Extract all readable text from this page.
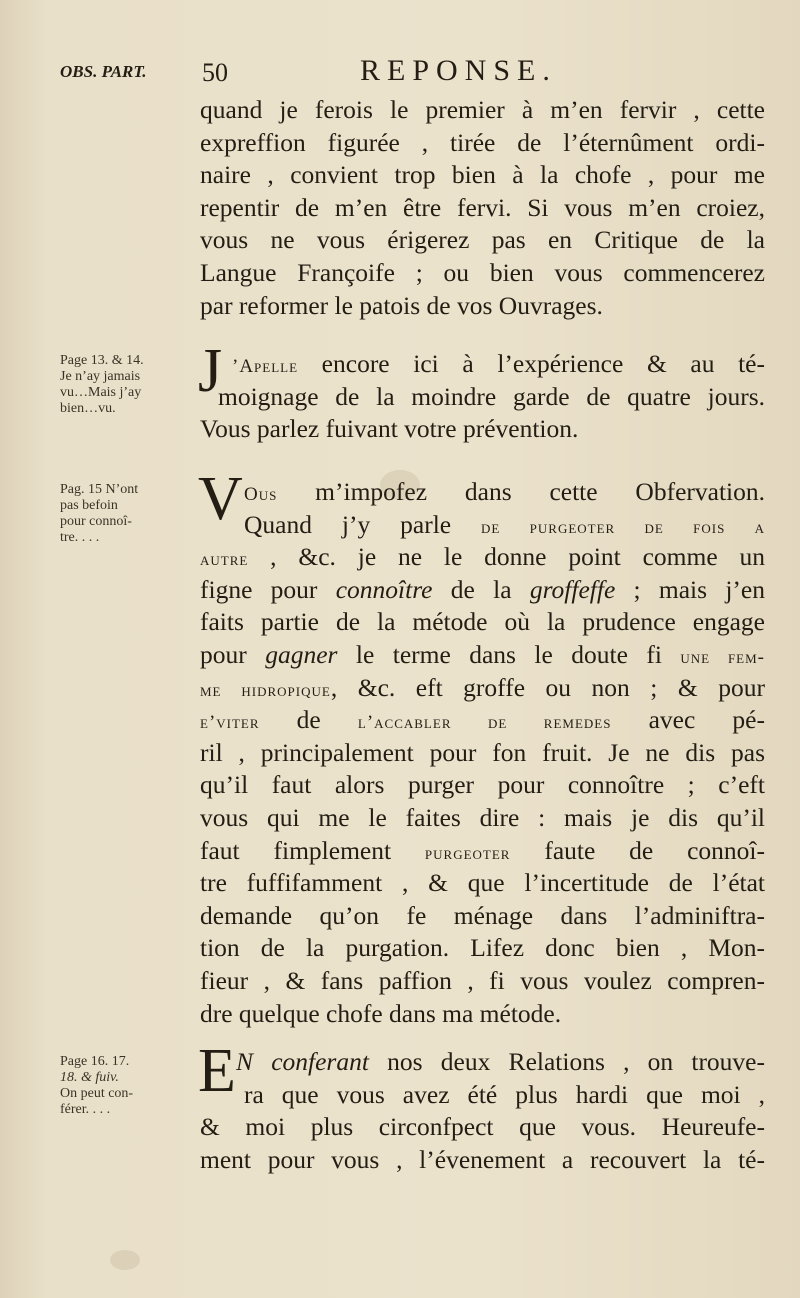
OBS. PART. 50	REPONSE.
quand je ferois le premier à m’en fervir , cette
expreffion figurée , tirée de l’éternûment ordi-
naire , convient trop bien à la chofe , pour me
repentir de m’en être fervi. Si vous m’en croiez,
vous ne vous érigerez pas en Critique de la
Langue Françoife ; ou bien vous commencerez
par reformer le patois de vos Ouvrages.
Page 13. & 14.
Je n’ay jamais
vu…Mais j’ay
bien…vu.
J ’Apelle encore ici à l’expérience & au té-
moignage de la moindre garde de quatre jours.
Vous parlez fuivant votre prévention.
Pag. 15 N’ont
pas befoin
pour connoî-
tre. . . .
V Ous m’impofez dans cette Obfervation.
Quand j’y parle de purgeoter de fois a
autre , &c. je ne le donne point comme un
figne pour connoître de la groffeffe ; mais j’en
faits partie de la métode où la prudence engage
pour gagner le terme dans le doute fi une fem-
me hidropique, &c. eft groffe ou non ; & pour
e’viter de l’accabler de remedes avec pé-
ril , principalement pour fon fruit. Je ne dis pas
qu’il faut alors purger pour connoître ; c’eft
vous qui me le faites dire : mais je dis qu’il
faut fimplement purgeoter faute de connoî-
tre fuffifamment , & que l’incertitude de l’état
demande qu’on fe ménage dans l’adminiftra-
tion de la purgation. Lifez donc bien , Mon-
fieur , & fans paffion , fi vous voulez compren-
dre quelque chofe dans ma métode.
Page 16. 17.
18. & fuiv.
On peut con-
férer. . . .
E N conferant nos deux Relations , on trouve-
ra que vous avez été plus hardi que moi ,
& moi plus circonfpect que vous. Heureufe-
ment pour vous , l’évenement a recouvert la té-
